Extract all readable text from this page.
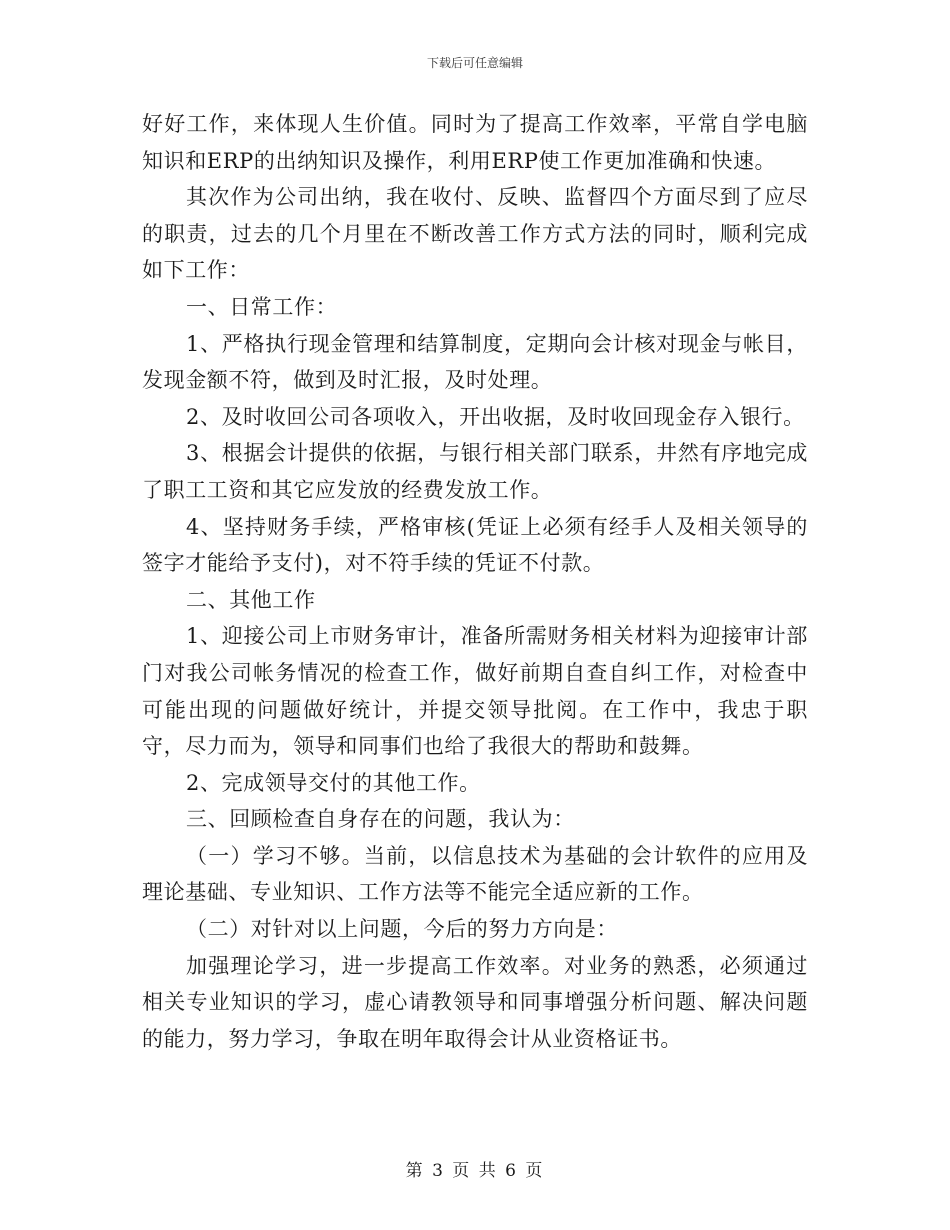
下载后可任意编辑

好好工作，来体现人生价值。同时为了提高工作效率，平常自学电脑知识和ERP的出纳知识及操作，利用ERP使工作更加准确和快速。

其次作为公司出纳，我在收付、反映、监督四个方面尽到了应尽的职责，过去的几个月里在不断改善工作方式方法的同时，顺利完成如下工作：

一、日常工作：

1、严格执行现金管理和结算制度，定期向会计核对现金与帐目，发现金额不符，做到及时汇报，及时处理。

2、及时收回公司各项收入，开出收据，及时收回现金存入银行。

3、根据会计提供的依据，与银行相关部门联系，井然有序地完成了职工工资和其它应发放的经费发放工作。

4、坚持财务手续，严格审核(凭证上必须有经手人及相关领导的签字才能给予支付)，对不符手续的凭证不付款。

二、其他工作

1、迎接公司上市财务审计，准备所需财务相关材料为迎接审计部门对我公司帐务情况的检查工作，做好前期自查自纠工作，对检查中可能出现的问题做好统计，并提交领导批阅。在工作中，我忠于职守，尽力而为，领导和同事们也给了我很大的帮助和鼓舞。

2、完成领导交付的其他工作。

三、回顾检查自身存在的问题，我认为：

（一）学习不够。当前，以信息技术为基础的会计软件的应用及理论基础、专业知识、工作方法等不能完全适应新的工作。

（二）对针对以上问题，今后的努力方向是：

加强理论学习，进一步提高工作效率。对业务的熟悉，必须通过相关专业知识的学习，虚心请教领导和同事增强分析问题、解决问题的能力，努力学习，争取在明年取得会计从业资格证书。

第 3 页 共 6 页
